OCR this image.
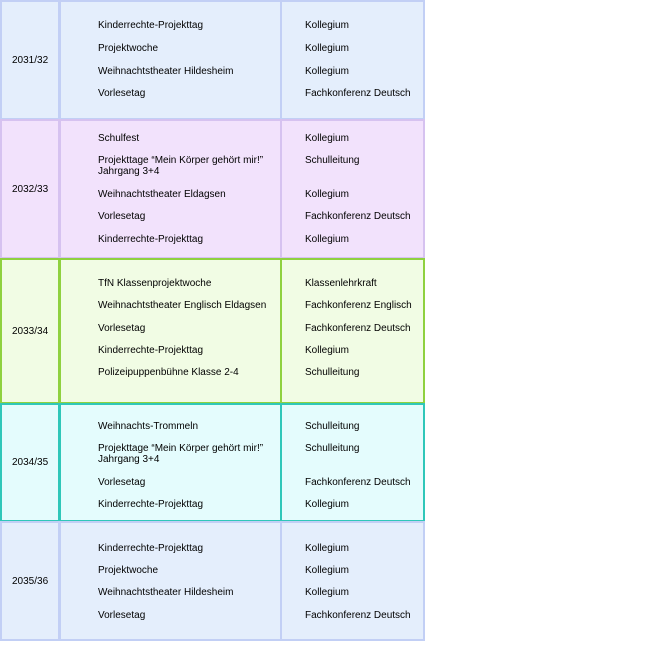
2031/32
Kinderrechte-Projekttag
Projektwoche
Weihnachtstheater Hildesheim
Vorlesetag
Kollegium
Kollegium
Kollegium
Fachkonferenz Deutsch
2032/33
Schulfest
Projekttage “Mein Körper gehört mir!”
Jahrgang 3+4
Weihnachtstheater Eldagsen
Vorlesetag
Kinderrechte-Projekttag
Kollegium
Schulleitung
Kollegium
Fachkonferenz Deutsch
Kollegium
2033/34
TfN Klassenprojektwoche
Weihnachtstheater Englisch Eldagsen
Vorlesetag
Kinderrechte-Projekttag
Polizeipuppenbühne Klasse 2-4
Klassenlehrkraft
Fachkonferenz Englisch
Fachkonferenz Deutsch
Kollegium
Schulleitung
2034/35
Weihnachts-Trommeln
Projekttage “Mein Körper gehört mir!”
Jahrgang 3+4
Vorlesetag
Kinderrechte-Projekttag
Schulleitung
Schulleitung
Fachkonferenz Deutsch
Kollegium
2035/36
Kinderrechte-Projekttag
Projektwoche
Weihnachtstheater Hildesheim
Vorlesetag
Kollegium
Kollegium
Kollegium
Fachkonferenz Deutsch
